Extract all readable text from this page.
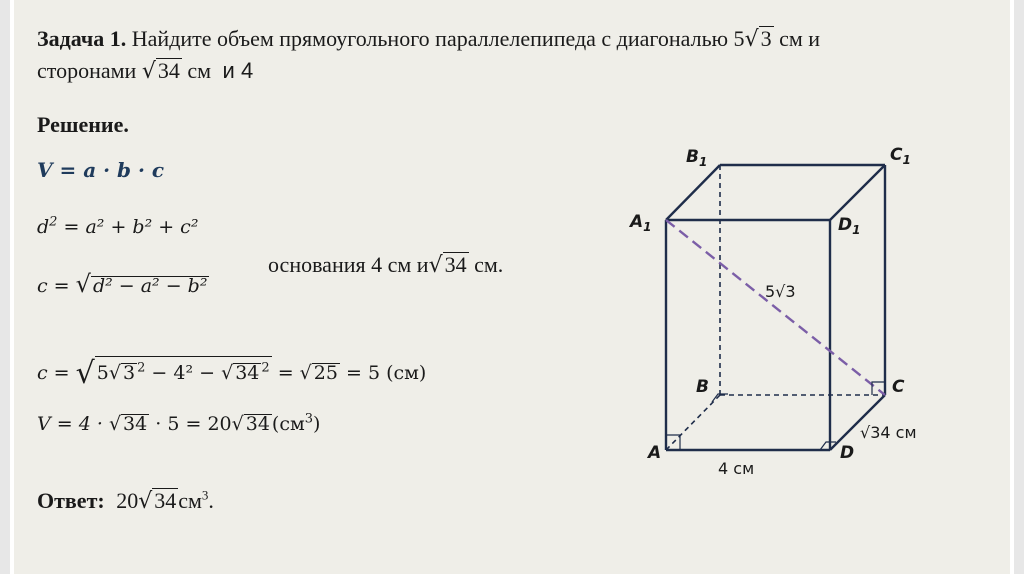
Задача 1. Найдите объем прямоугольного параллелепипеда с диагональю 5√3 см и
сторонами √34 см и 4
Решение.
V = a · b · c
$d^2 = a^2 + b^2 + c^2$
c = √ d² − a² − b²
основания 4 см и√34 см.
c = √ 5√ 3 $^2$ − 4² − √ 34 $^2$ = √ 25 = 5 (см)
V = 4 · √ 34 · 5 = 20√ 34 $(см^3)$
Ответ: $20√34см^3$.
$A_1$
$B_1$	$C_1$
$D_1$
A
B	C
D
5√3
√34 см
4 см
